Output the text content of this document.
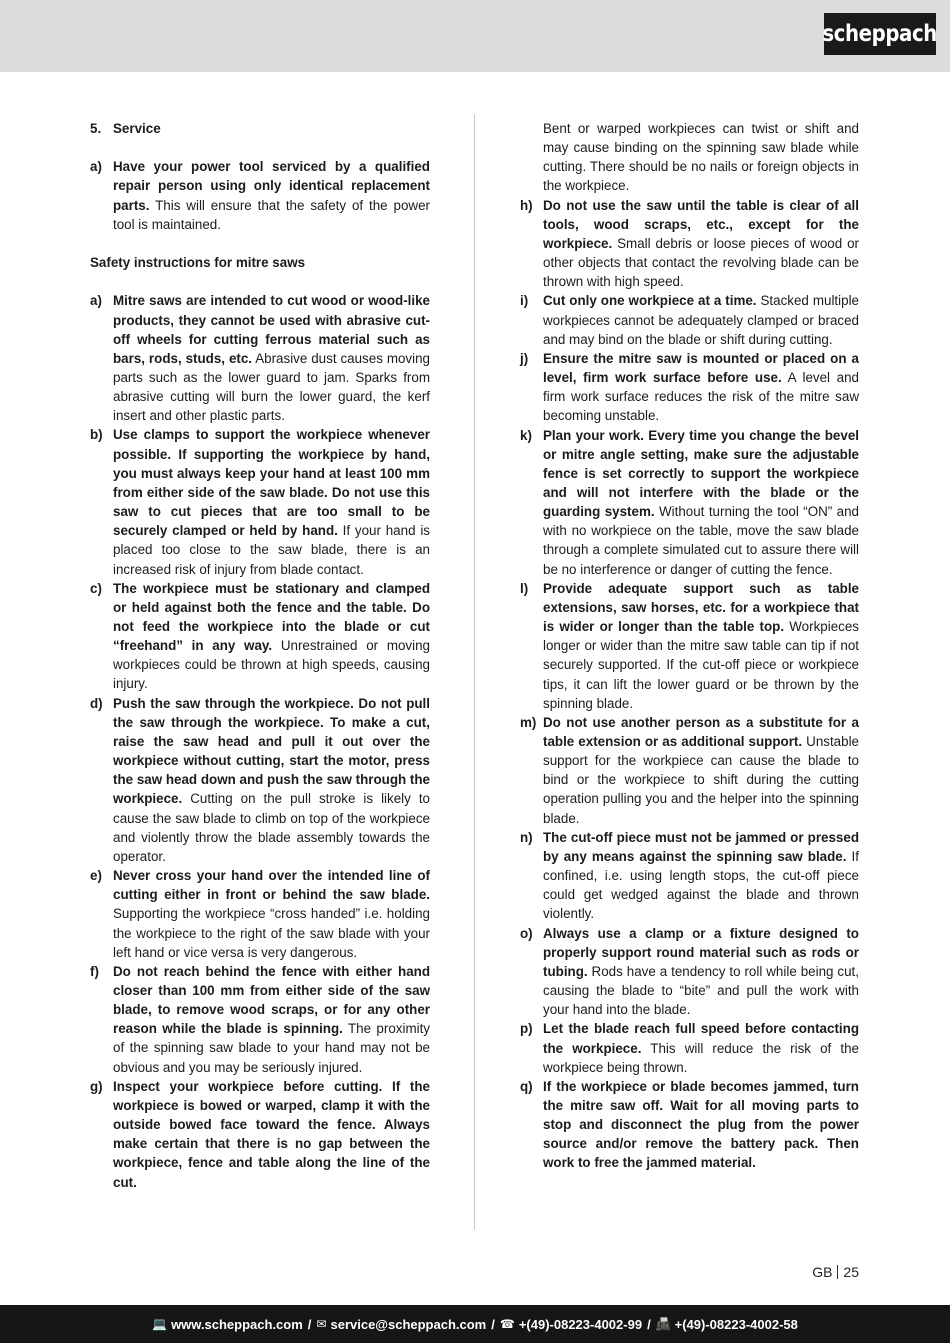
scheppach
5. Service
a) Have your power tool serviced by a qualified repair person using only identical replacement parts. This will ensure that the safety of the power tool is maintained.
Safety instructions for mitre saws
a) Mitre saws are intended to cut wood or wood-like products, they cannot be used with abrasive cut-off wheels for cutting ferrous material such as bars, rods, studs, etc. Abrasive dust causes moving parts such as the lower guard to jam. Sparks from abrasive cutting will burn the lower guard, the kerf insert and other plastic parts.
b) Use clamps to support the workpiece whenever possible. If supporting the workpiece by hand, you must always keep your hand at least 100 mm from either side of the saw blade. Do not use this saw to cut pieces that are too small to be securely clamped or held by hand. If your hand is placed too close to the saw blade, there is an increased risk of injury from blade contact.
c) The workpiece must be stationary and clamped or held against both the fence and the table. Do not feed the workpiece into the blade or cut “freehand” in any way. Unrestrained or moving workpieces could be thrown at high speeds, causing injury.
d) Push the saw through the workpiece. Do not pull the saw through the workpiece. To make a cut, raise the saw head and pull it out over the workpiece without cutting, start the motor, press the saw head down and push the saw through the workpiece. Cutting on the pull stroke is likely to cause the saw blade to climb on top of the workpiece and violently throw the blade assembly towards the operator.
e) Never cross your hand over the intended line of cutting either in front or behind the saw blade. Supporting the workpiece “cross handed” i.e. holding the workpiece to the right of the saw blade with your left hand or vice versa is very dangerous.
f)	Do not reach behind the fence with either hand closer than 100 mm from either side of the saw blade, to remove wood scraps, or for any other reason while the blade is spinning. The proximity of the spinning saw blade to your hand may not be obvious and you may be seriously injured.
g) Inspect your workpiece before cutting. If the workpiece is bowed or warped, clamp it with the outside bowed face toward the fence. Always make certain that there is no gap between the workpiece, fence and table along the line of the cut.
Bent or warped workpieces can twist or shift and may cause binding on the spinning saw blade while cutting. There should be no nails or foreign objects in the workpiece.
h) Do not use the saw until the table is clear of all tools, wood scraps, etc., except for the workpiece. Small debris or loose pieces of wood or other objects that contact the revolving blade can be thrown with high speed.
i)	Cut only one workpiece at a time. Stacked multiple workpieces cannot be adequately clamped or braced and may bind on the blade or shift during cutting.
j)	Ensure the mitre saw is mounted or placed on a level, firm work surface before use. A level and firm work surface reduces the risk of the mitre saw becoming unstable.
k) Plan your work. Every time you change the bevel or mitre angle setting, make sure the adjustable fence is set correctly to support the workpiece and will not interfere with the blade or the guarding system. Without turning the tool “ON” and with no workpiece on the table, move the saw blade through a complete simulated cut to assure there will be no interference or danger of cutting the fence.
l)	Provide adequate support such as table extensions, saw horses, etc. for a workpiece that is wider or longer than the table top. Workpieces longer or wider than the mitre saw table can tip if not securely supported. If the cut-off piece or workpiece tips, it can lift the lower guard or be thrown by the spinning blade.
m) Do not use another person as a substitute for a table extension or as additional support. Unstable support for the workpiece can cause the blade to bind or the workpiece to shift during the cutting operation pulling you and the helper into the spinning blade.
n) The cut-off piece must not be jammed or pressed by any means against the spinning saw blade. If confined, i.e. using length stops, the cut-off piece could get wedged against the blade and thrown violently.
o) Always use a clamp or a fixture designed to properly support round material such as rods or tubing. Rods have a tendency to roll while being cut, causing the blade to “bite” and pull the work with your hand into the blade.
p) Let the blade reach full speed before contacting the workpiece. This will reduce the risk of the workpiece being thrown.
q) If the workpiece or blade becomes jammed, turn the mitre saw off. Wait for all moving parts to stop and disconnect the plug from the power source and/or remove the battery pack. Then work to free the jammed material.
GB 25
💻 www.scheppach.com / ✉ service@scheppach.com / ☎ +(49)-08223-4002-99 / 📠 +(49)-08223-4002-58
